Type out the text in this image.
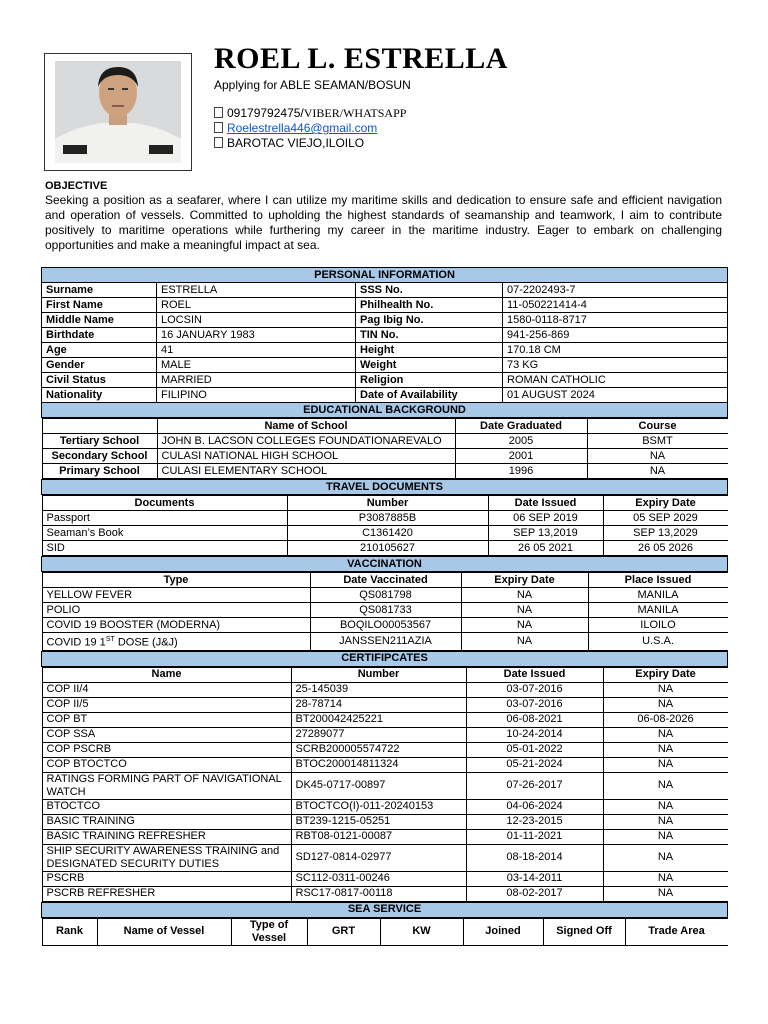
ROEL L. ESTRELLA
Applying for ABLE SEAMAN/BOSUN
09179792475/VIBER/WHATSAPP
Roelestrella446@gmail.com
BAROTAC VIEJO,ILOILO
OBJECTIVE
Seeking a position as a seafarer, where I can utilize my maritime skills and dedication to ensure safe and efficient navigation and operation of vessels. Committed to upholding the highest standards of seamanship and teamwork, I aim to contribute positively to maritime operations while furthering my career in the maritime industry. Eager to embark on challenging opportunities and make a meaningful impact at sea.
PERSONAL INFORMATION
Surname	ESTRELLA	SSS No.	07-2202493-7
First Name	ROEL	Philhealth No.	11-050221414-4
Middle Name	LOCSIN	Pag Ibig No.	1580-0118-8717
Birthdate	16 JANUARY 1983	TIN No.	941-256-869
Age	41	Height	170.18 CM
Gender	MALE	Weight	73 KG
Civil Status	MARRIED	Religion	ROMAN CATHOLIC
Nationality	FILIPINO	Date of Availability	01 AUGUST 2024
EDUCATIONAL BACKGROUND

	Name of School	Date Graduated	Course
Tertiary School	JOHN B. LACSON COLLEGES FOUNDATIONAREVALO	2005	BSMT
Secondary School	CULASI NATIONAL HIGH SCHOOL	2001	NA
Primary School	CULASI ELEMENTARY SCHOOL	1996	NA

TRAVEL DOCUMENTS

Documents	Number	Date Issued	Expiry Date
Passport	P3087885B	06 SEP 2019	05 SEP 2029
Seaman’s Book	C1361420	SEP 13,2019	SEP 13,2029
SID	210105627	26 05 2021	26 05 2026

VACCINATION

Type	Date Vaccinated	Expiry Date	Place Issued
YELLOW FEVER	QS081798	NA	MANILA
POLIO	QS081733	NA	MANILA
COVID 19 BOOSTER (MODERNA)	BOQILO00053567	NA	ILOILO
COVID 19 1ST DOSE (J&J)	JANSSEN211AZIA	NA	U.S.A.

CERTIFIPCATES

Name	Number	Date Issued	Expiry Date
COP II/4	25-145039	03-07-2016	NA
COP II/5	28-78714	03-07-2016	NA
COP BT	BT200042425221	06-08-2021	06-08-2026
COP SSA	27289077	10-24-2014	NA
COP PSCRB	SCRB200005574722	05-01-2022	NA
COP BTOCTCO	BTOC200014811324	05-21-2024	NA
RATINGS FORMING PART OF NAVIGATIONAL WATCH	DK45-0717-00897	07-26-2017	NA
BTOCTCO	BTOCTCO(I)-011-20240153	04-06-2024	NA
BASIC TRAINING	BT239-1215-05251	12-23-2015	NA
BASIC TRAINING REFRESHER	RBT08-0121-00087	01-11-2021	NA
SHIP SECURITY AWARENESS TRAINING and DESIGNATED SECURITY DUTIES	SD127-0814-02977	08-18-2014	NA
PSCRB	SC112-0311-00246	03-14-2011	NA
PSCRB REFRESHER	RSC17-0817-00118	08-02-2017	NA

SEA SERVICE

Rank	Name of Vessel	Type of Vessel	GRT	KW	Joined	Signed Off	Trade Area
